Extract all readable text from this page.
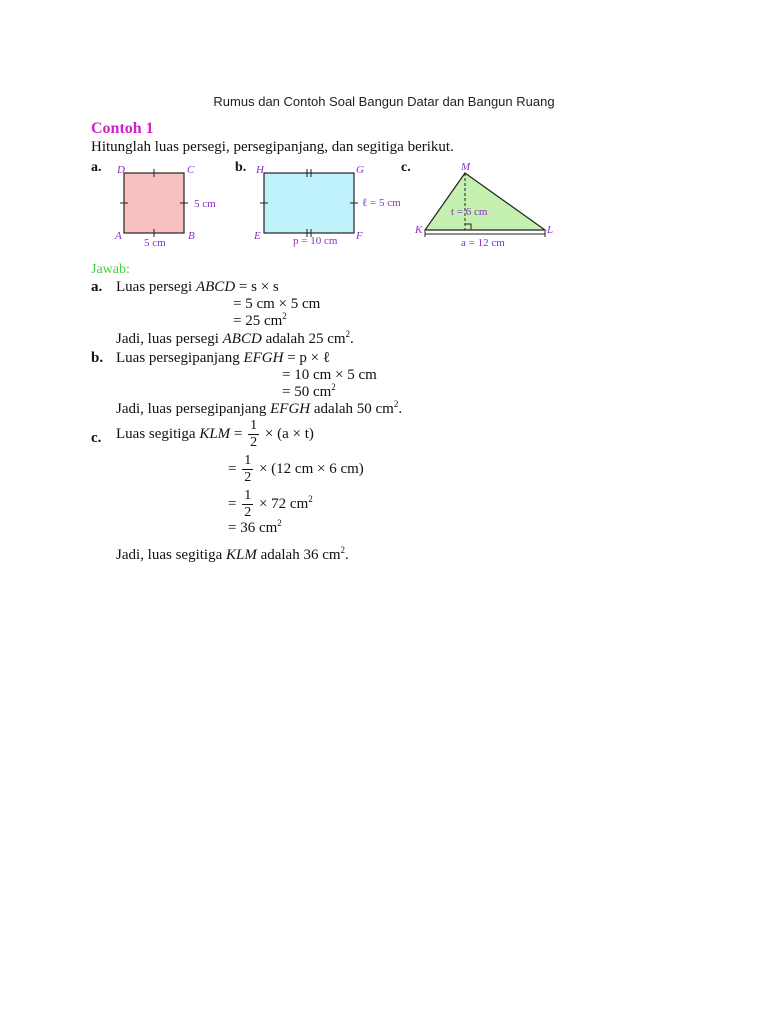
Rumus dan Contoh Soal Bangun Datar dan Bangun Ruang
Contoh 1
Hitunglah luas persegi, persegipanjang, dan segitiga berikut.
a.	b.	c.
D	C
A	B
5 cm
5 cm
H	G
E	F
ℓ = 5 cm
p = 10 cm
M
K	L
t = 6 cm
a = 12 cm
Jawab:
a. Luas persegi ABCD = s × s
= 5 cm × 5 cm
= 25 $cm^2$
Jadi, luas persegi ABCD adalah 25 $cm^2$.
b. Luas persegipanjang EFGH = p × ℓ
= 10 cm × 5 cm
= 50 $cm^2$
Jadi, luas persegipanjang EFGH adalah 50 $cm^2$.
c. Luas segitiga KLM = $\frac{1}{2} \times (a \times t)$
= $\frac{1}{2} \times (12$ cm × 6 cm)
= $\frac{1}{2} \times 72$ $cm^2$
= 36 $cm^2$
Jadi, luas segitiga KLM adalah 36 $cm^2$.
